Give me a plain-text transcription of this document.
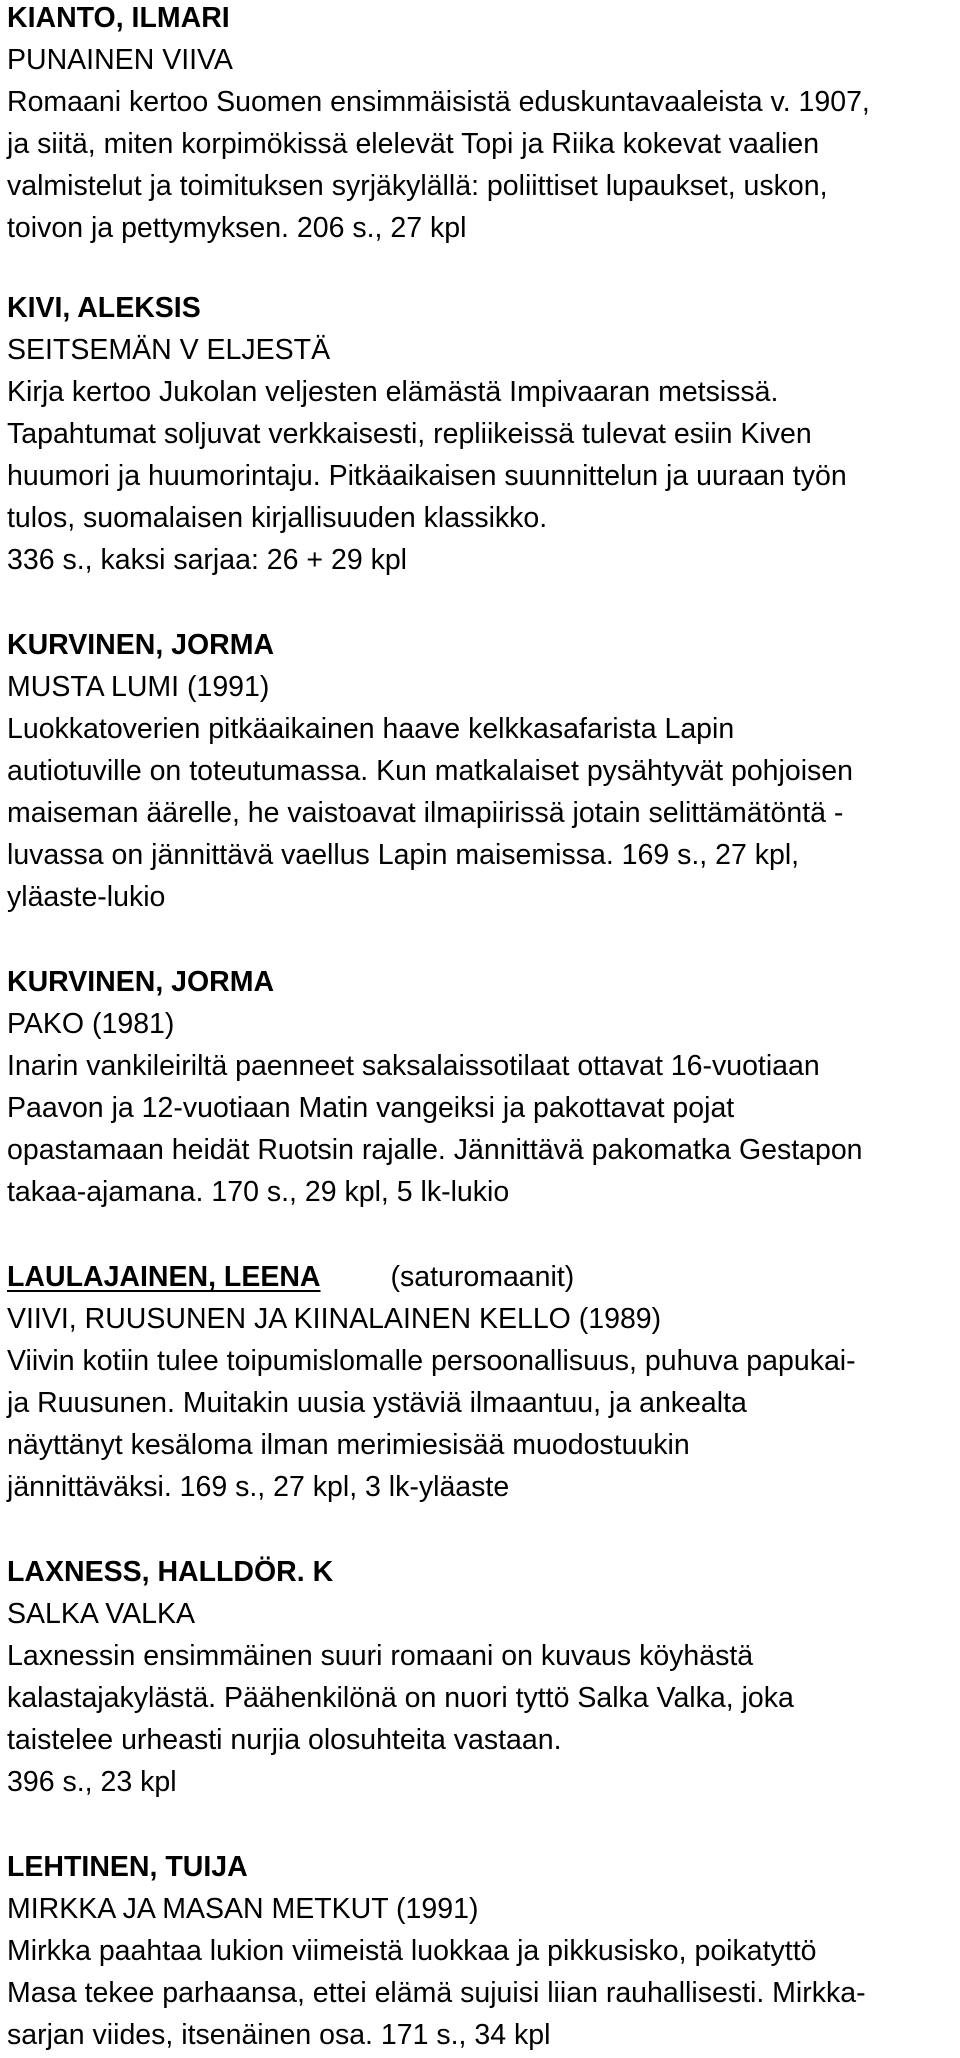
KIANTO, ILMARI
PUNAINEN VIIVA
Romaani kertoo Suomen ensimmäisistä eduskuntavaaleista v. 1907,
ja siitä, miten korpimökissä elelevät Topi ja Riika kokevat vaalien
valmistelut ja toimituksen syrjäkylällä: poliittiset lupaukset, uskon,
toivon ja pettymyksen. 206 s., 27 kpl
KIVI, ALEKSIS
SEITSEMÄN V ELJESTÄ
Kirja kertoo Jukolan veljesten elämästä Impivaaran metsissä.
Tapahtumat soljuvat verkkaisesti, repliikeissä tulevat esiin Kiven
huumori ja huumorintaju. Pitkäaikaisen suunnittelun ja uuraan työn
tulos, suomalaisen kirjallisuuden klassikko.
336 s., kaksi sarjaa: 26 + 29 kpl
KURVINEN, JORMA
MUSTA LUMI (1991)
Luokkatoverien pitkäaikainen haave kelkkasafarista Lapin
autiotuville on toteutumassa. Kun matkalaiset pysähtyvät pohjoisen
maiseman äärelle, he vaistoavat ilmapiirissä jotain selittämätöntä -
luvassa on jännittävä vaellus Lapin maisemissa. 169 s., 27 kpl,
yläaste-lukio
KURVINEN, JORMA
PAKO (1981)
Inarin vankileiriltä paenneet saksalaissotilaat ottavat 16-vuotiaan
Paavon ja 12-vuotiaan Matin vangeiksi ja pakottavat pojat
opastamaan heidät Ruotsin rajalle. Jännittävä pakomatka Gestapon
takaa-ajamana. 170 s., 29 kpl, 5 lk-lukio
LAULAJAINEN, LEENA (saturomaanit)
VIIVI, RUUSUNEN JA KIINALAINEN KELLO (1989)
Viivin kotiin tulee toipumislomalle persoonallisuus, puhuva papukai-
ja Ruusunen. Muitakin uusia ystäviä ilmaantuu, ja ankealta
näyttänyt kesäloma ilman merimiesisää muodostuukin
jännittäväksi. 169 s., 27 kpl, 3 lk-yläaste
LAXNESS, HALLDÖR. K
SALKA VALKA
Laxnessin ensimmäinen suuri romaani on kuvaus köyhästä
kalastajakylästä. Päähenkilönä on nuori tyttö Salka Valka, joka
taistelee urheasti nurjia olosuhteita vastaan.
396 s., 23 kpl
LEHTINEN, TUIJA
MIRKKA JA MASAN METKUT (1991)
Mirkka paahtaa lukion viimeistä luokkaa ja pikkusisko, poikatyttö
Masa tekee parhaansa, ettei elämä sujuisi liian rauhallisesti. Mirkka-
sarjan viides, itsenäinen osa. 171 s., 34 kpl
